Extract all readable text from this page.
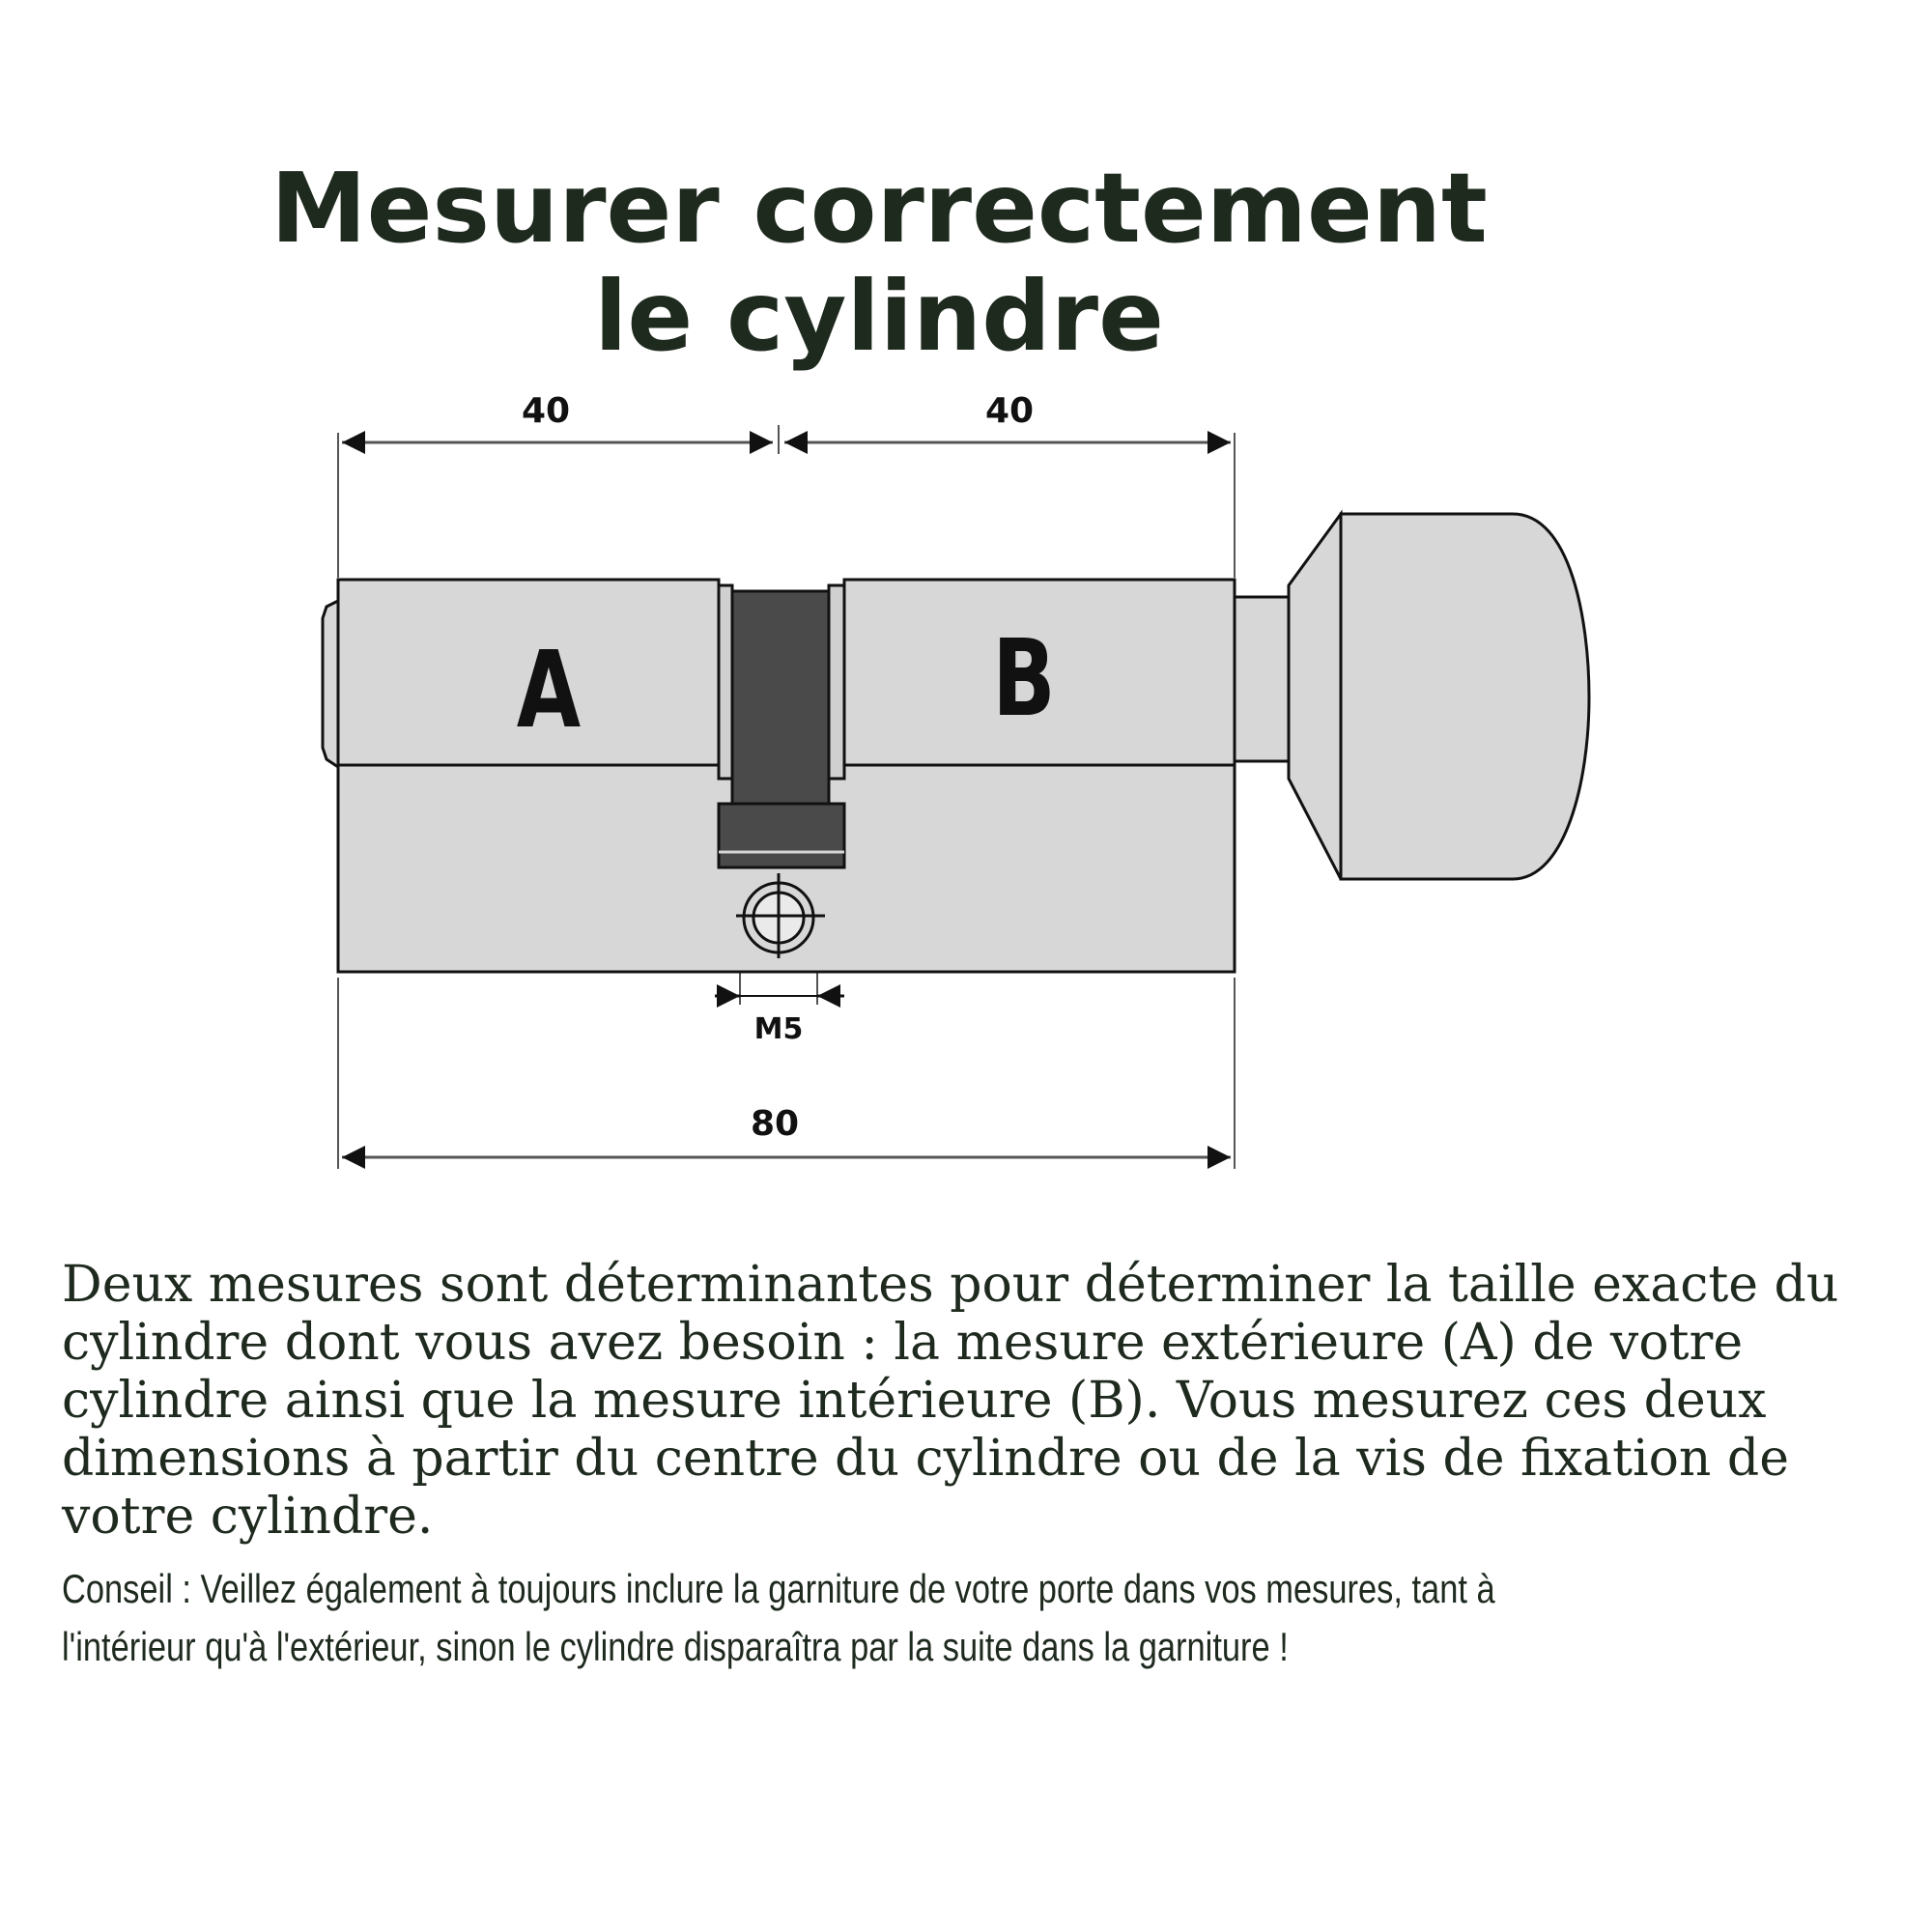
Mesurer correctement
le cylindre
40	40
A	B
M5
80

Deux mesures sont déterminantes pour déterminer la taille exacte du cylindre dont vous avez besoin : la mesure extérieure (A) de votre cylindre ainsi que la mesure intérieure (B). Vous mesurez ces deux dimensions à partir du centre du cylindre ou de la vis de fixation de votre cylindre.

Conseil : Veillez également à toujours inclure la garniture de votre porte dans vos mesures, tant à l'intérieur qu'à l'extérieur, sinon le cylindre disparaîtra par la suite dans la garniture !
